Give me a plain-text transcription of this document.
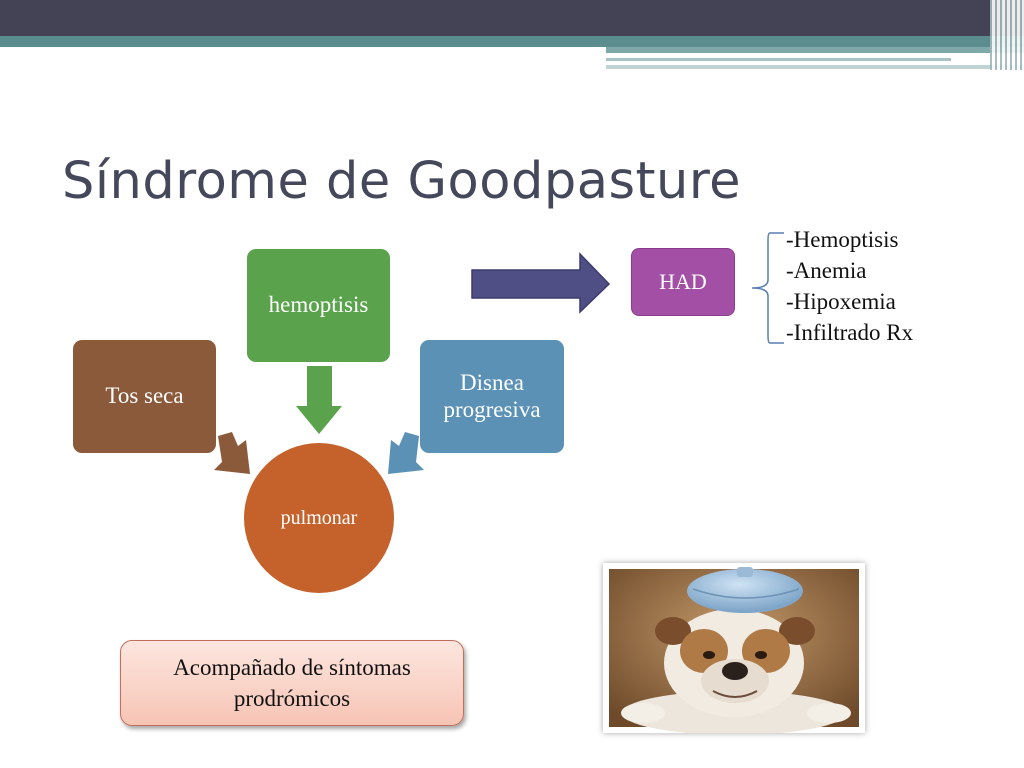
Síndrome de Goodpasture
Tos seca
hemoptisis
Disnea
progresiva
pulmonar
HAD
-Hemoptisis
-Anemia
-Hipoxemia
-Infiltrado Rx
Acompañado de síntomas
prodrómicos
